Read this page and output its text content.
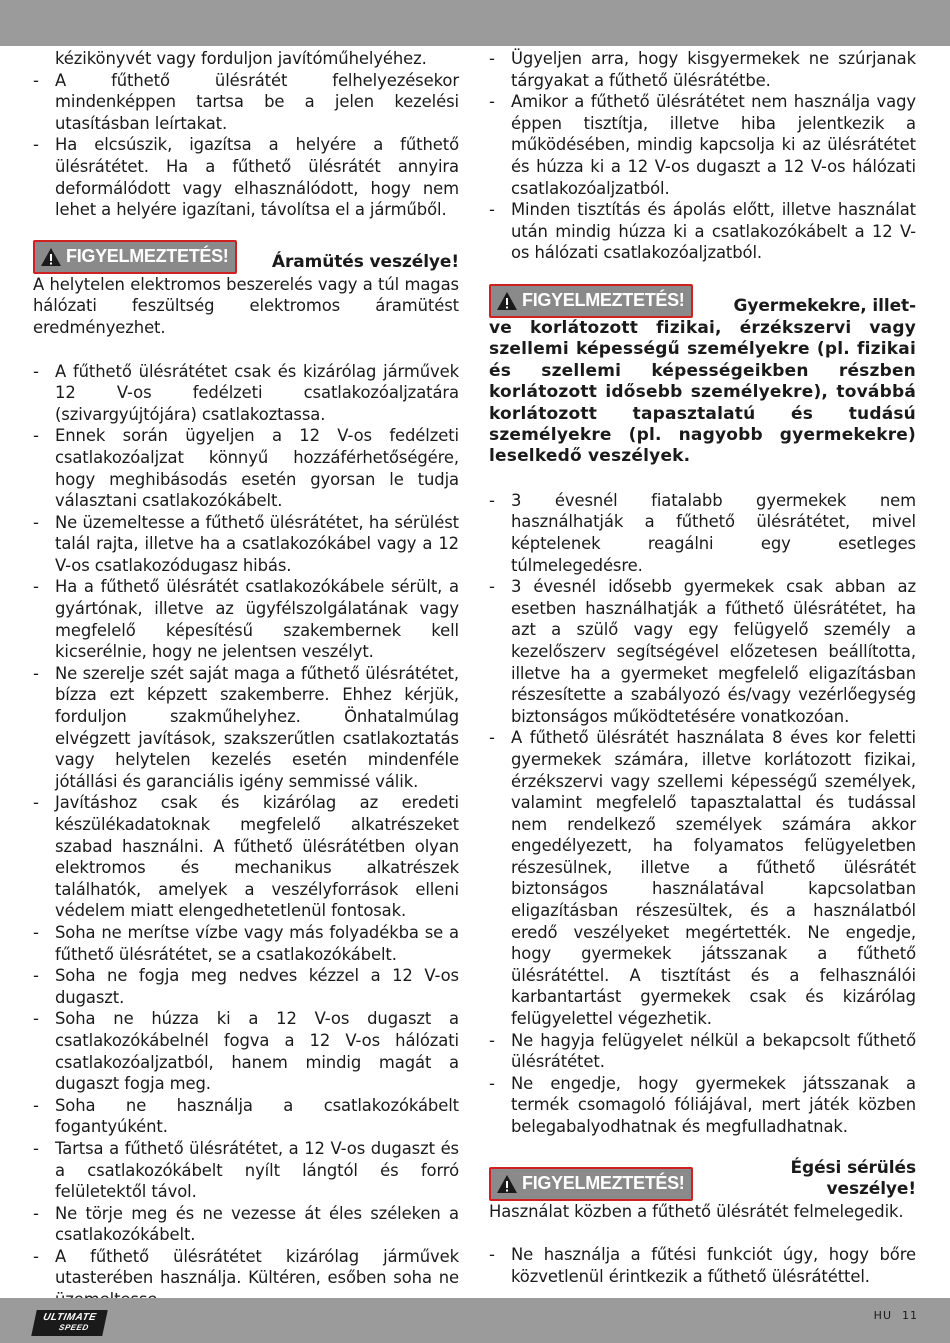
kézikönyvét vagy forduljon javítóműhelyéhez.

- A fűthető ülésrátét felhelyezésekor mindenképpen tartsa be a jelen kezelési utasításban leírtakat.
- Ha elcsúszik, igazítsa a helyére a fűthető ülésrátétet. Ha a fűthető ülésrátét annyira deformálódott vagy elhasználódott, hogy nem lehet a helyére igazítani, távolítsa el a járműből.
FIGYELMEZTETÉS!	Áramütés veszélye!

A helytelen elektromos beszerelés vagy a túl magas hálózati feszültség elektromos áramütést eredményezhet.

- A fűthető ülésrátétet csak és kizárólag járművek 12 V-os fedélzeti csatlakozóaljzatára (szivargyújtójára) csatlakoztassa.
- Ennek során ügyeljen a 12 V-os fedélzeti csatlakozóaljzat könnyű hozzáférhetőségére, hogy meghibásodás esetén gyorsan le tudja választani csatlakozókábelt.
- Ne üzemeltesse a fűthető ülésrátétet, ha sérülést talál rajta, illetve ha a csatlakozókábel vagy a 12 V-os csatlakozódugasz hibás.
- Ha a fűthető ülésrátét csatlakozókábele sérült, a gyártónak, illetve az ügyfélszolgálatának vagy megfelelő képesítésű szakembernek kell kicserélnie, hogy ne jelentsen veszélyt.
- Ne szerelje szét saját maga a fűthető ülésrátétet, bízza ezt képzett szakemberre. Ehhez kérjük, forduljon szakműhelyhez. Önhatalmúlag elvégzett javítások, szakszerűtlen csatlakoztatás vagy helytelen kezelés esetén mindenféle jótállási és garanciális igény semmissé válik.
- Javításhoz csak és kizárólag az eredeti készülékadatoknak megfelelő alkatrészeket szabad használni. A fűthető ülésrátétben olyan elektromos és mechanikus alkatrészek találhatók, amelyek a veszélyforrások elleni védelem miatt elengedhetetlenül fontosak.
- Soha ne merítse vízbe vagy más folyadékba se a fűthető ülésrátétet, se a csatlakozókábelt.
- Soha ne fogja meg nedves kézzel a 12 V-os dugaszt.
- Soha ne húzza ki a 12 V-os dugaszt a csatlakozókábelnél fogva a 12 V-os hálózati csatlakozóaljzatból, hanem mindig magát a dugaszt fogja meg.
- Soha ne használja a csatlakozókábelt fogantyúként.
- Tartsa a fűthető ülésrátétet, a 12 V-os dugaszt és a csatlakozókábelt nyílt lángtól és forró felületektől távol.
- Ne törje meg és ne vezesse át éles széleken a csatlakozókábelt.
- A fűthető ülésrátétet kizárólag járművek utasterében használja. Kültéren, esőben soha ne
- Ügyeljen arra, hogy kisgyermekek ne szúrjanak tárgyakat a fűthető ülésrátétbe.
- Amikor a fűthető ülésrátétet nem használja vagy éppen tisztítja, illetve hiba jelentkezik a működésében, mindig kapcsolja ki az ülésrátétet és húzza ki a 12 V-os dugaszt a 12 V-os hálózati csatlakozóaljzatból.
- Minden tisztítás és ápolás előtt, illetve használat után mindig húzza ki a csatlakozókábelt a 12 V-os hálózati csatlakozóaljzatból.
FIGYELMEZTETÉS!	Gyermekekre, illet-

ve korlátozott fizikai, érzékszervi vagy szellemi képességű személyekre (pl. fizikai és szellemi képességeikben részben korlátozott idősebb személyekre), továbbá korlátozott tapasztalatú és tudású személyekre (pl. nagyobb gyermekekre) leselkedő veszélyek.

- 3 évesnél fiatalabb gyermekek nem használhatják a fűthető ülésrátétet, mivel képtelenek reagálni egy esetleges túlmelegedésre.
- 3 évesnél idősebb gyermekek csak abban az esetben használhatják a fűthető ülésrátétet, ha azt a szülő vagy egy felügyelő személy a kezelőszerv segítségével előzetesen beállította, illetve ha a gyermeket megfelelő eligazításban részesítette a szabályozó és/vagy vezérlőegység biztonságos működtetésére vonatkozóan.
- A fűthető ülésrátét használata 8 éves kor feletti gyermekek számára, illetve korlátozott fizikai, érzékszervi vagy szellemi képességű személyek, valamint megfelelő tapasztalattal és tudással nem rendelkező személyek számára akkor engedélyezett, ha folyamatos felügyeletben részesülnek, illetve a fűthető ülésrátét biztonságos használatával kapcsolatban eligazításban részesültek, és a használatból eredő veszélyeket megértették. Ne engedje, hogy gyermekek játsszanak a fűthető ülésrátéttel. A tisztítást és a felhasználói karbantartást gyermekek csak és kizárólag felügyelettel végezhetik.
- Ne hagyja felügyelet nélkül a bekapcsolt fűthető ülésrátétet.
- Ne engedje, hogy gyermekek játsszanak a termék csomagoló fóliájával, mert játék közben belegabalyodhatnak és megfulladhatnak.
FIGYELMEZTETÉS!
Égési sérülés veszélye!

Használat közben a fűthető ülésrátét felmelegedik.

- Ne használja a fűtési funkciót úgy, hogy bőre közvetlenül érintkezik a fűthető ülésrátéttel.
ULTIMATE
SPEED
HU 11
